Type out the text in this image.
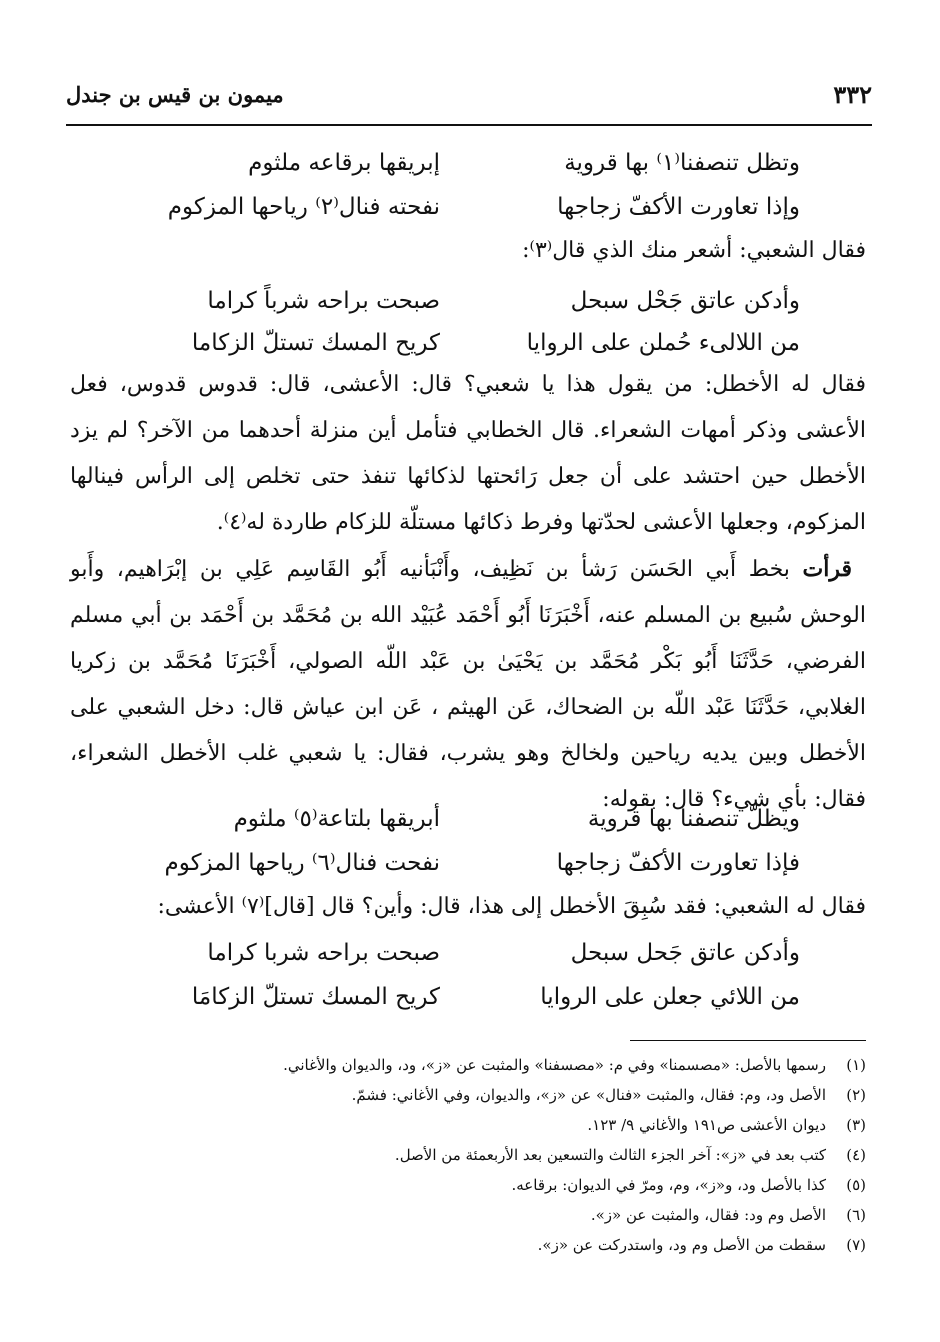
٣٣٢
ميمون بن قيس بن جندل
وتظل تنصفنا⁽١⁾ بها قروية
إبريقها برقاعه ملثوم
وإذا تعاورت الأكفّ زجاجها
نفحته فنال⁽٢⁾ رياحها المزكوم

فقال الشعبي: أشعر منك الذي قال⁽٣⁾:

وأدكن عاتق جَحْل سبحل
صبحت براحه شرباً كراما
من اللالىء حُملن على الروايا
كريح المسك تستلّ الزكاما

فقال له الأخطل: من يقول هذا يا شعبي؟ قال: الأعشى، قال: قدوس قدوس، فعل الأعشى وذكر أمهات الشعراء. قال الخطابي فتأمل أين منزلة أحدهما من الآخر؟ لم يزد الأخطل حين احتشد على أن جعل رَائحتها لذكائها تنفذ حتى تخلص إلى الرأس فينالها المزكوم، وجعلها الأعشى لحدّتها وفرط ذكائها مستلّة للزكام طاردة له⁽٤⁾.

قرأت بخط أَبي الحَسَن رَشأ بن نَظِيف، وأَنْبَأنيه أَبُو القَاسِم عَلِي بن إبْرَاهيم، وأَبو الوحش سُبيع بن المسلم عنه، أَخْبَرَنَا أَبُو أَحْمَد عُبَيْد الله بن مُحَمَّد بن أَحْمَد بن أبي مسلم الفرضي، حَدَّثَنَا أَبُو بَكْر مُحَمَّد بن يَحْيَىٰ بن عَبْد اللّه الصولي، أَخْبَرَنَا مُحَمَّد بن زكريا الغلابي، حَدَّثَنَا عَبْد اللّه بن الضحاك، عَن الهيثم ، عَن ابن عياش قال: دخل الشعبي على الأخطل وبين يديه رياحين ولخالخ وهو يشرب، فقال: يا شعبي غلب الأخطل الشعراء، فقال: بأي شيء؟ قال: بقوله:

ويظلّ تنصفنا بها قروية
أبريقها بلتاعة⁽٥⁾ ملثوم
فإذا تعاورت الأكفّ زجاجها
نفحت فنال⁽٦⁾ رياحها المزكوم

فقال له الشعبي: فقد سُبِقَ الأخطل إلى هذا، قال: وأين؟ قال [قال]⁽٧⁾ الأعشى:

وأدكن عاتق جَحل سبحل
صبحت براحه شربا كراما
من اللائي جعلن على الروايا
كريح المسك تستلّ الزكامَا
(١)رسمها بالأصل: «مصسمنا» وفي م: «مصسفنا» والمثبت عن «ز»، ود، والديوان والأغاني.
(٢)الأصل ود، وم: فقال، والمثبت «فنال» عن «ز»، والديوان، وفي الأغاني: فشمّ.
(٣)ديوان الأعشى ص١٩١ والأغاني ٩/ ١٢٣.
(٤)كتب بعد في «ز»: آخر الجزء الثالث والتسعين بعد الأربعمئة من الأصل.
(٥)كذا بالأصل ود، و«ز»، وم، ومرّ في الديوان: برقاعه.
(٦)الأصل وم ود: فقال، والمثبت عن «ز».
(٧)سقطت من الأصل وم ود، واستدركت عن «ز».
